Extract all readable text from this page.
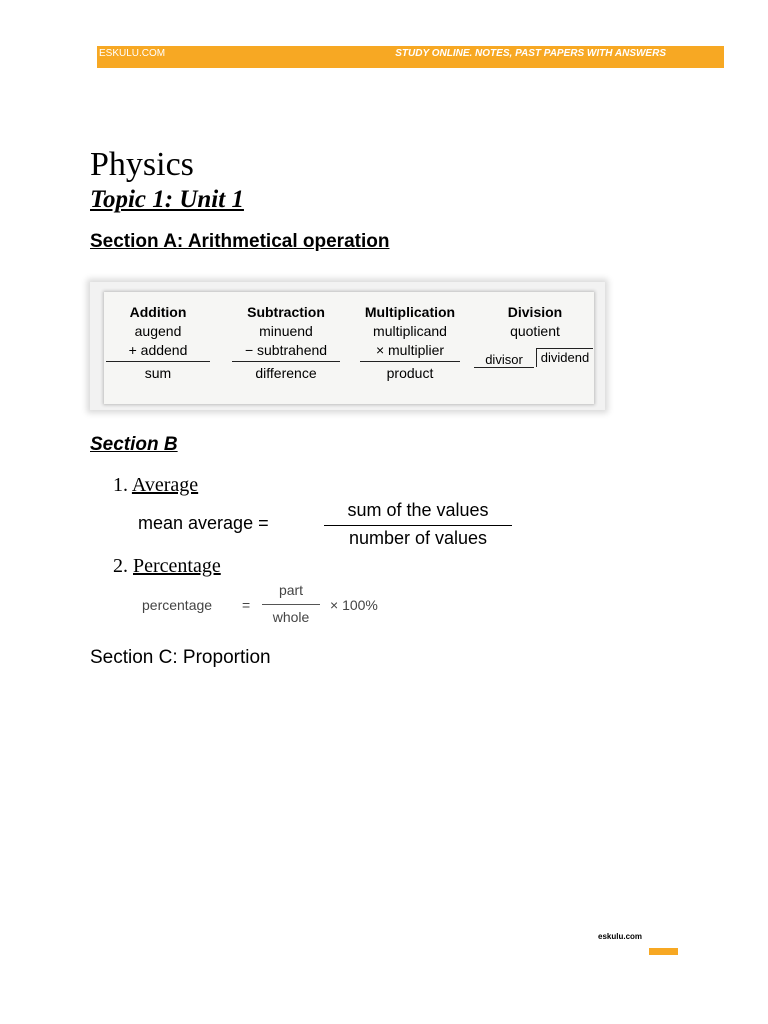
ESKULU.COM	STUDY ONLINE. NOTES, PAST PAPERS WITH ANSWERS
Physics
Topic 1: Unit 1
Section A: Arithmetical operation
Addition
augend
+ addend
sum
Subtraction
minuend
− subtrahend
difference
Multiplication
multiplicand
× multiplier
product
Division
quotient
divisor	dividend
Section B
1. Average
mean average =
sum of the values
number of values
2. Percentage
percentage =
part
whole
× 100%
Section C: Proportion
eskulu.com
